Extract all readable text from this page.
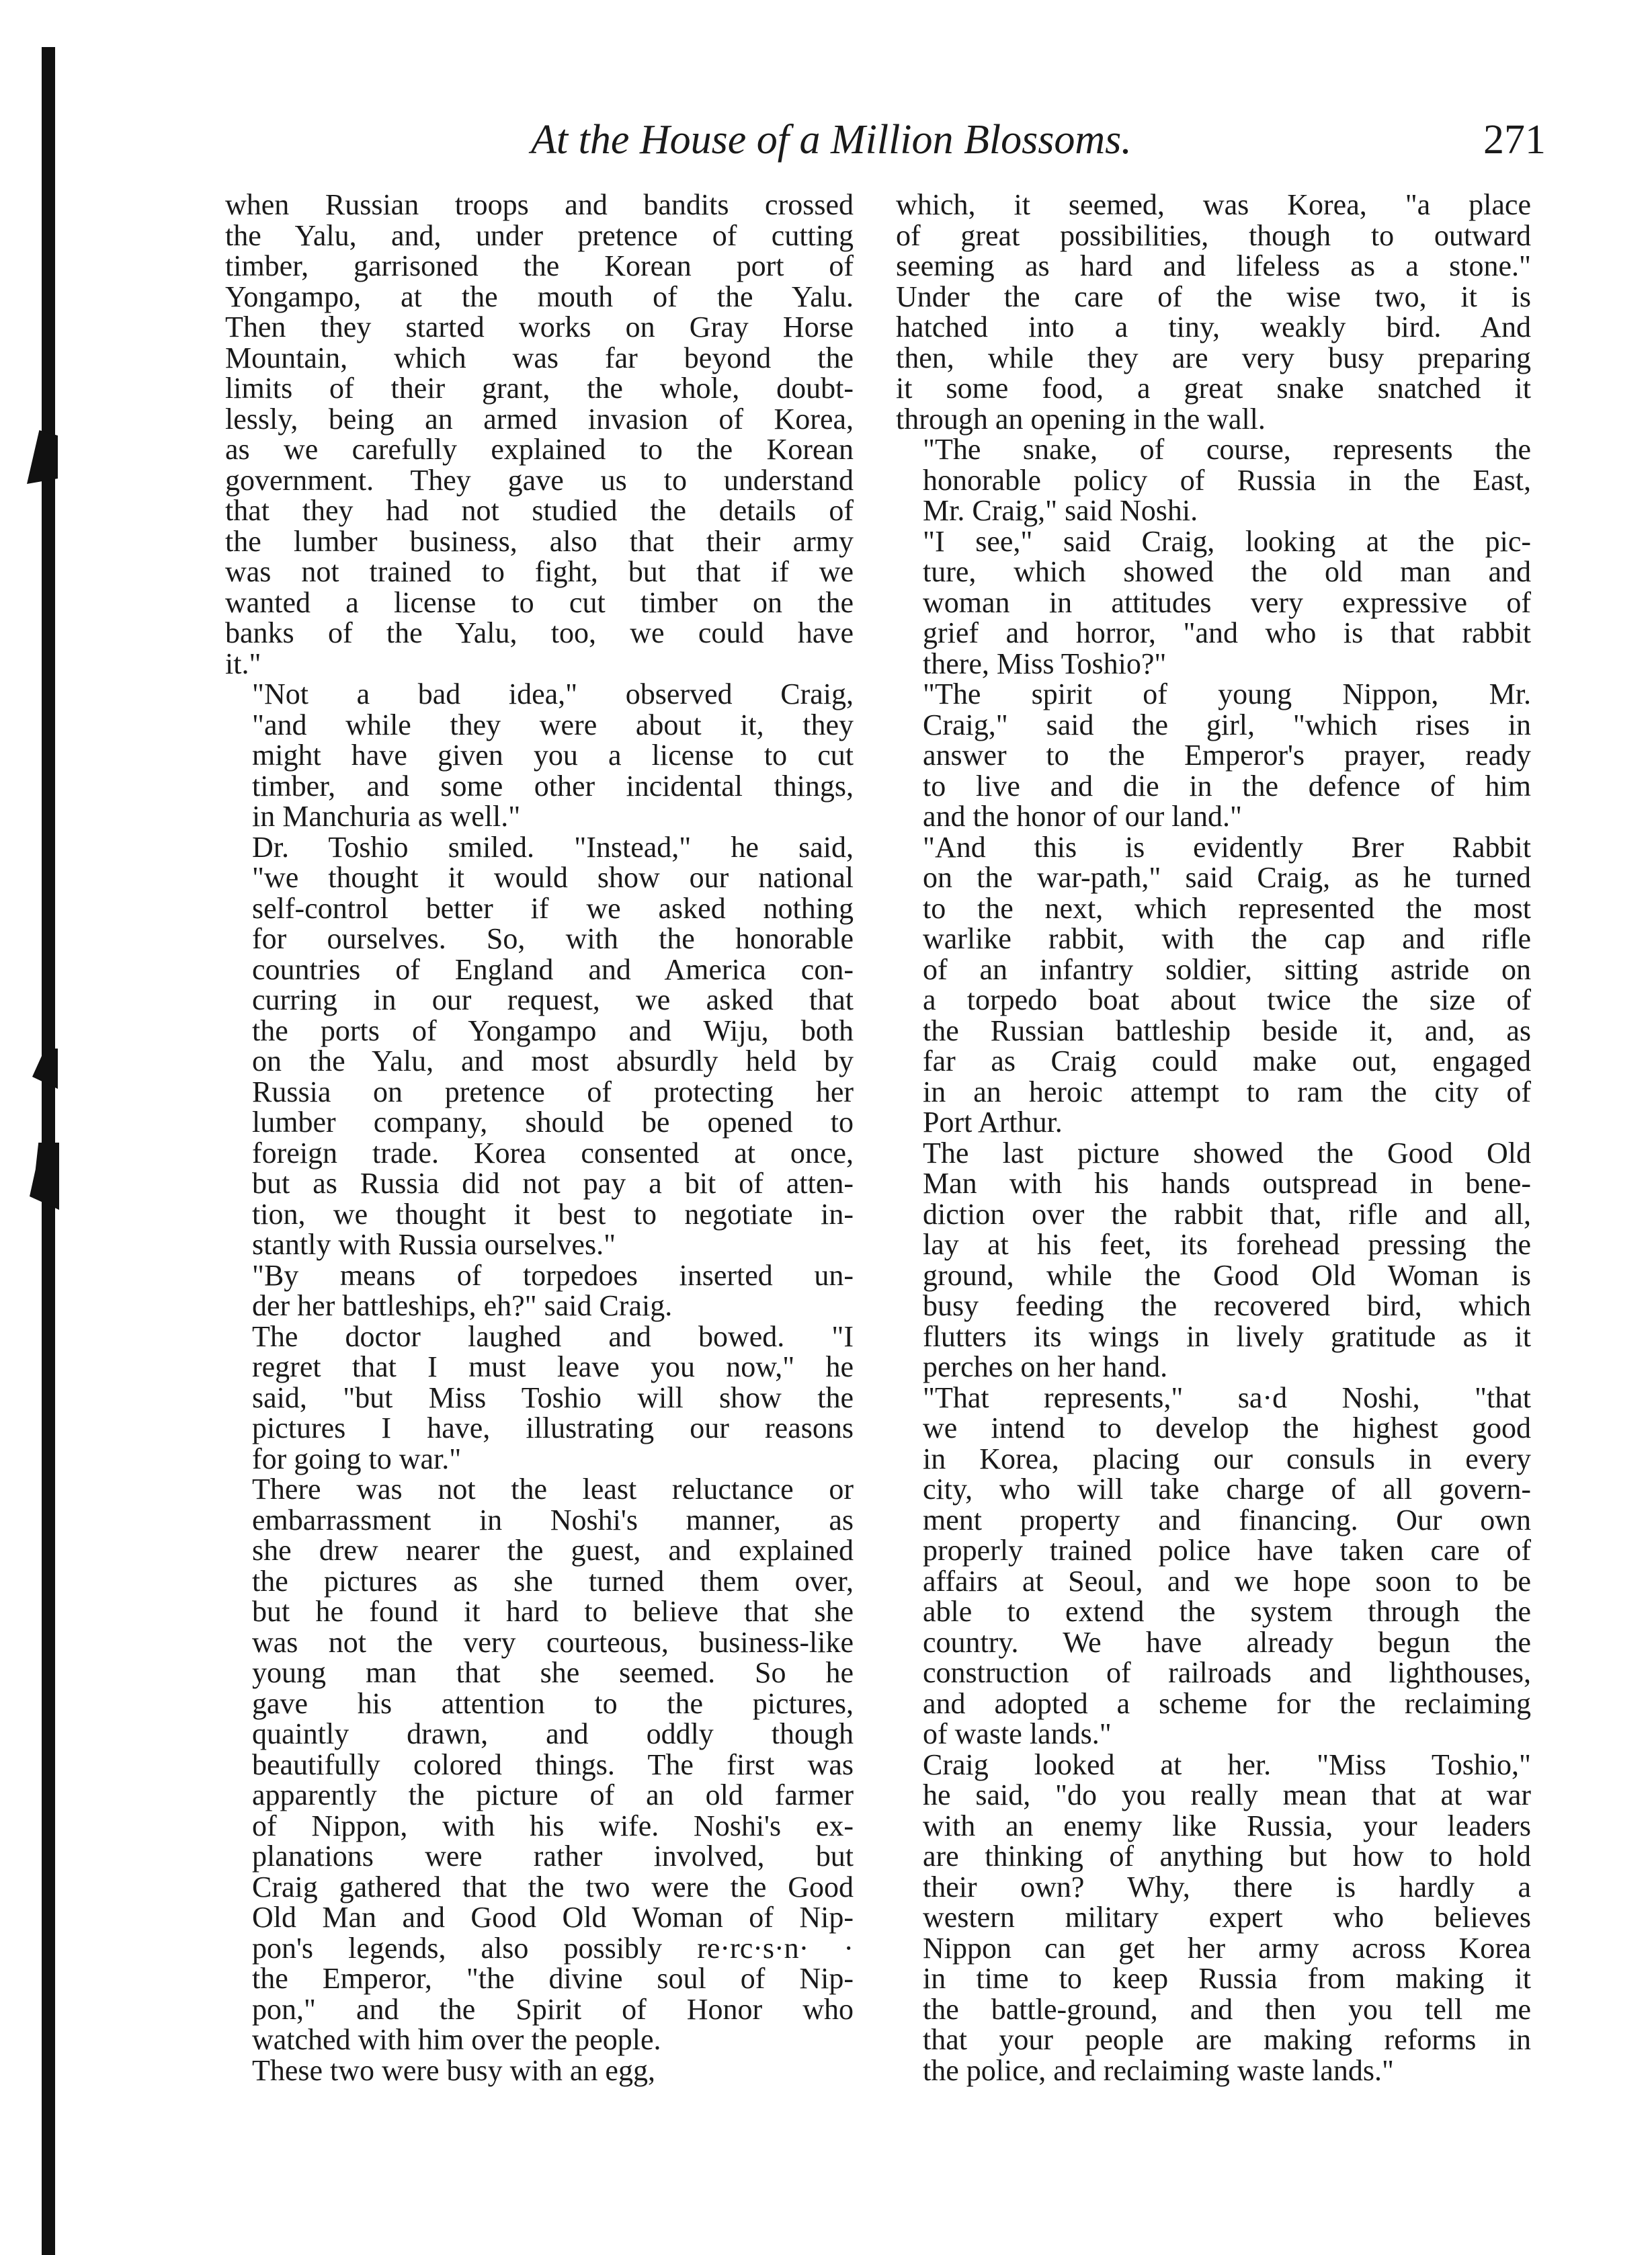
At the House of a Million Blossoms.	271

when Russian troops and bandits crossed
the Yalu, and, under pretence of cutting
timber, garrisoned the Korean port of
Yongampo, at the mouth of the Yalu.
Then they started works on Gray Horse
Mountain, which was far beyond the
limits of their grant, the whole, doubt-
lessly, being an armed invasion of Korea,
as we carefully explained to the Korean
government. They gave us to understand
that they had not studied the details of
the lumber business, also that their army
was not trained to fight, but that if we
wanted a license to cut timber on the
banks of the Yalu, too, we could have
it."

"Not a bad idea," observed Craig,
"and while they were about it, they
might have given you a license to cut
timber, and some other incidental things,
in Manchuria as well."

Dr. Toshio smiled. "Instead," he said,
"we thought it would show our national
self-control better if we asked nothing
for ourselves. So, with the honorable
countries of England and America con-
curring in our request, we asked that
the ports of Yongampo and Wiju, both
on the Yalu, and most absurdly held by
Russia on pretence of protecting her
lumber company, should be opened to
foreign trade. Korea consented at once,
but as Russia did not pay a bit of atten-
tion, we thought it best to negotiate in-
stantly with Russia ourselves."

"By means of torpedoes inserted un-
der her battleships, eh?" said Craig.

The doctor laughed and bowed. "I
regret that I must leave you now," he
said, "but Miss Toshio will show the
pictures I have, illustrating our reasons
for going to war."

There was not the least reluctance or
embarrassment in Noshi's manner, as
she drew nearer the guest, and explained
the pictures as she turned them over,
but he found it hard to believe that she
was not the very courteous, business-like
young man that she seemed. So he
gave his attention to the pictures,
quaintly drawn, and oddly though
beautifully colored things. The first was
apparently the picture of an old farmer
of Nippon, with his wife. Noshi's ex-
planations were rather involved, but
Craig gathered that the two were the Good
Old Man and Good Old Woman of Nip-
pon's legends, also possibly re·rc·s·n· ·
the Emperor, "the divine soul of Nip-
pon," and the Spirit of Honor who
watched with him over the people.

These two were busy with an egg,

which, it seemed, was Korea, "a place
of great possibilities, though to outward
seeming as hard and lifeless as a stone."
Under the care of the wise two, it is
hatched into a tiny, weakly bird. And
then, while they are very busy preparing
it some food, a great snake snatched it
through an opening in the wall.

"The snake, of course, represents the
honorable policy of Russia in the East,
Mr. Craig," said Noshi.

"I see," said Craig, looking at the pic-
ture, which showed the old man and
woman in attitudes very expressive of
grief and horror, "and who is that rabbit
there, Miss Toshio?"

"The spirit of young Nippon, Mr.
Craig," said the girl, "which rises in
answer to the Emperor's prayer, ready
to live and die in the defence of him
and the honor of our land."

"And this is evidently Brer Rabbit
on the war-path," said Craig, as he turned
to the next, which represented the most
warlike rabbit, with the cap and rifle
of an infantry soldier, sitting astride on
a torpedo boat about twice the size of
the Russian battleship beside it, and, as
far as Craig could make out, engaged
in an heroic attempt to ram the city of
Port Arthur.

The last picture showed the Good Old
Man with his hands outspread in bene-
diction over the rabbit that, rifle and all,
lay at his feet, its forehead pressing the
ground, while the Good Old Woman is
busy feeding the recovered bird, which
flutters its wings in lively gratitude as it
perches on her hand.

"That represents," sa·d Noshi, "that
we intend to develop the highest good
in Korea, placing our consuls in every
city, who will take charge of all govern-
ment property and financing. Our own
properly trained police have taken care of
affairs at Seoul, and we hope soon to be
able to extend the system through the
country. We have already begun the
construction of railroads and lighthouses,
and adopted a scheme for the reclaiming
of waste lands."

Craig looked at her. "Miss Toshio,"
he said, "do you really mean that at war
with an enemy like Russia, your leaders
are thinking of anything but how to hold
their own? Why, there is hardly a
western military expert who believes
Nippon can get her army across Korea
in time to keep Russia from making it
the battle-ground, and then you tell me
that your people are making reforms in
the police, and reclaiming waste lands."
